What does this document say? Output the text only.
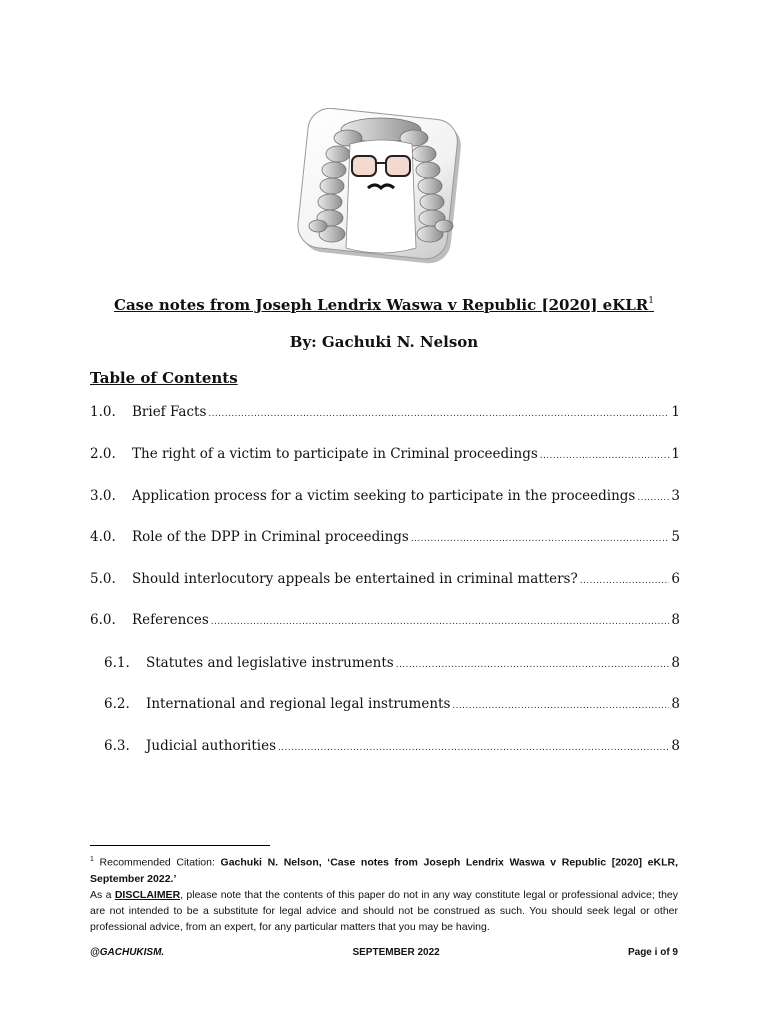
Case notes from Joseph Lendrix Waswa v Republic [2020] eKLR$^1$
By: Gachuki N. Nelson
Table of Contents
1.0.	Brief Facts .....	1
2.0.	The right of a victim to participate in Criminal proceedings .....	1
3.0.	Application process for a victim seeking to participate in the proceedings .....	3
4.0.	Role of the DPP in Criminal proceedings .....	5
5.0.	Should interlocutory appeals be entertained in criminal matters? .....	6
6.0.	References .....	8
6.1.	Statutes and legislative instruments .....	8
6.2.	International and regional legal instruments .....	8
6.3.	Judicial authorities .....	8
$^1$ Recommended Citation: Gachuki N. Nelson, ‘Case notes from Joseph Lendrix Waswa v Republic [2020] eKLR, September 2022.’
As a DISCLAIMER, please note that the contents of this paper do not in any way constitute legal or professional advice; they are not intended to be a substitute for legal advice and should not be construed as such. You should seek legal or other professional advice, from an expert, for any particular matters that you may be having.
@GACHUKISM.	SEPTEMBER 2022	Page i of 9
